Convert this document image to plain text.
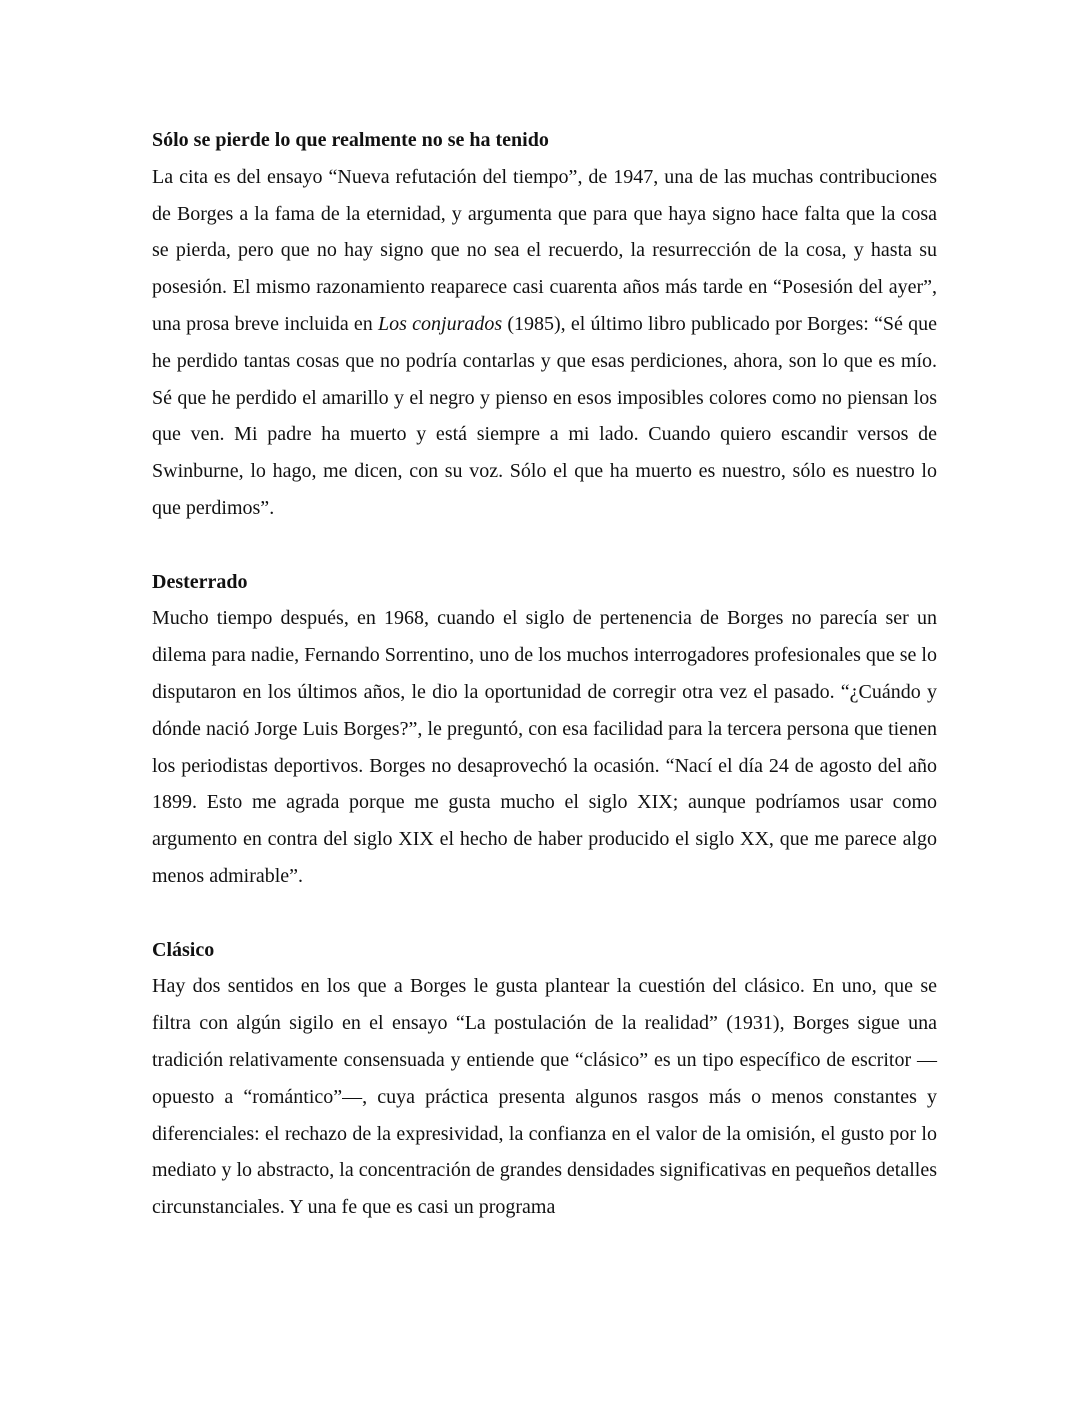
Sólo se pierde lo que realmente no se ha tenido

La cita es del ensayo “Nueva refutación del tiempo”, de 1947, una de las muchas contribuciones de Borges a la fama de la eternidad, y argumenta que para que haya signo hace falta que la cosa se pierda, pero que no hay signo que no sea el recuerdo, la resurrección de la cosa, y hasta su posesión. El mismo razonamiento reaparece casi cuarenta años más tarde en “Posesión del ayer”, una prosa breve incluida en Los conjurados (1985), el último libro publicado por Borges: “Sé que he perdido tantas cosas que no podría contarlas y que esas perdiciones, ahora, son lo que es mío. Sé que he perdido el amarillo y el negro y pienso en esos imposibles colores como no piensan los que ven. Mi padre ha muerto y está siempre a mi lado. Cuando quiero escandir versos de Swinburne, lo hago, me dicen, con su voz. Sólo el que ha muerto es nuestro, sólo es nuestro lo que perdimos”.

Desterrado

Mucho tiempo después, en 1968, cuando el siglo de pertenencia de Borges no parecía ser un dilema para nadie, Fernando Sorrentino, uno de los muchos interrogadores profesionales que se lo disputaron en los últimos años, le dio la oportunidad de corregir otra vez el pasado. “¿Cuándo y dónde nació Jorge Luis Borges?”, le preguntó, con esa facilidad para la tercera persona que tienen los periodistas deportivos. Borges no desaprovechó la ocasión. “Nací el día 24 de agosto del año 1899. Esto me agrada porque me gusta mucho el siglo XIX; aunque podríamos usar como argumento en contra del siglo XIX el hecho de haber producido el siglo XX, que me parece algo menos admirable”.

Clásico

Hay dos sentidos en los que a Borges le gusta plantear la cuestión del clásico. En uno, que se filtra con algún sigilo en el ensayo “La postulación de la realidad” (1931), Borges sigue una tradición relativamente consensuada y entiende que “clásico” es un tipo específico de escritor —opuesto a “romántico”—, cuya práctica presenta algunos rasgos más o menos constantes y diferenciales: el rechazo de la expresividad, la confianza en el valor de la omisión, el gusto por lo mediato y lo abstracto, la concentración de grandes densidades significativas en pequeños detalles circunstanciales. Y una fe que es casi un programa
